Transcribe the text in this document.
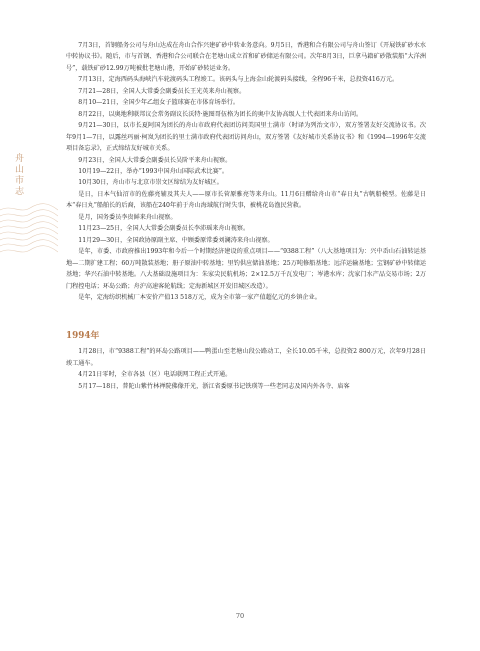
舟山市志

7月3日，首钢船务公司与舟山达成在舟山合作兴建矿砂中转业务意向。9月5日，香港和合有限公司与舟山签订《开展铁矿砂水水中转协议书》。随后，市与首钢、香港和合公司联合在老塘山成立首和矿砂储运有限公司。次年8月3日，巨拿马籍矿砂散装船“大洋洲号”，载铁矿砂12.99万吨被批老塘山港，开始矿砂转运业务。

7月13日，定海西码头海峡汽车轮渡码头工程竣工。该码头与上海金山轮渡码头接线，全程96千米，总投资416万元。

7月21—28日，全国人大常委会副委员长王光英来舟山视察。

8月10—21日，全国少年乙组女子篮球赛在市体育场举行。

8月22日，以奥地利联邦议会常务副议长沃特·施图哥伍格为团长的奥中友协高级人士代表团来舟山访问。

9月21—30日，以市长夏阿国为团长的舟山市政府代表团访问美国里士满市（时译为列治文市），双方签署友好交流协议书。次年9月1—7日，以露丝玛丽·柯岚为团长的里士满市政府代表团访问舟山，双方签署《友好城市关系协议书》和《1994—1996年交流项目备忘录》，正式缔结友好城市关系。

9月23日，全国人大常委会副委员长吴阶平来舟山视察。

10月19—22日，举办“1993中国舟山国际武术比赛”。

10月30日，舟山市与北京市崇文区缔结为友好城区。

是日，日本气仙沼市的佐藤亮辅及其夫人——原市长菅原雅亮等来舟山。11月6日赠给舟山市“春日丸”古帆船模型。佐藤是日本“春日丸”船舶长的后裔，该船在240年前于舟山海域航行时失事，被桃花岛渔民营救。

是月，国务委员李贵鲜来舟山视察。

11月23—25日，全国人大常委会副委员长李沛瑶来舟山视察。

11月29—30日，全国政协原副主席、中顾委原常委刘澜涛来舟山视察。

是年，市委、市政府推出1993年和今后一个时期经济建设的重点项目——“9388工程”（八大基地项目为：兴中岙山石油转运基地—二期扩建工程；60万吨散装基地；册子原油中转基地；里钓供应储油基地；25万吨修船基地；远洋运输基地；宝钢矿砂中转储运基地；华兴石油中转基地。八大基础设施项目为：朱家尖民航机场；2×12.5万千瓦发电厂；岑港水库；沈家门水产品交易市场；2万门程控电话；环岛公路；舟沪高速客轮航线；定海新城区开发旧城区改造）。

是年，定海纺织机械厂本安价产值13 518万元，成为全市第一家产值超亿元的乡镇企业。

1994年

1月28日，市“9388工程”的环岛公路项目——鸭蛋山至老塘山段公路动工，全长10.05千米，总投资2 800万元，次年9月28日竣工通车。

4月21日零时，全市各县（区）电话联网工程正式开通。

5月17—18日，普陀山紫竹林禅院佛像开光，浙江省委原书记铁瑛等一些老同志及国内外各寺、庙客

70
